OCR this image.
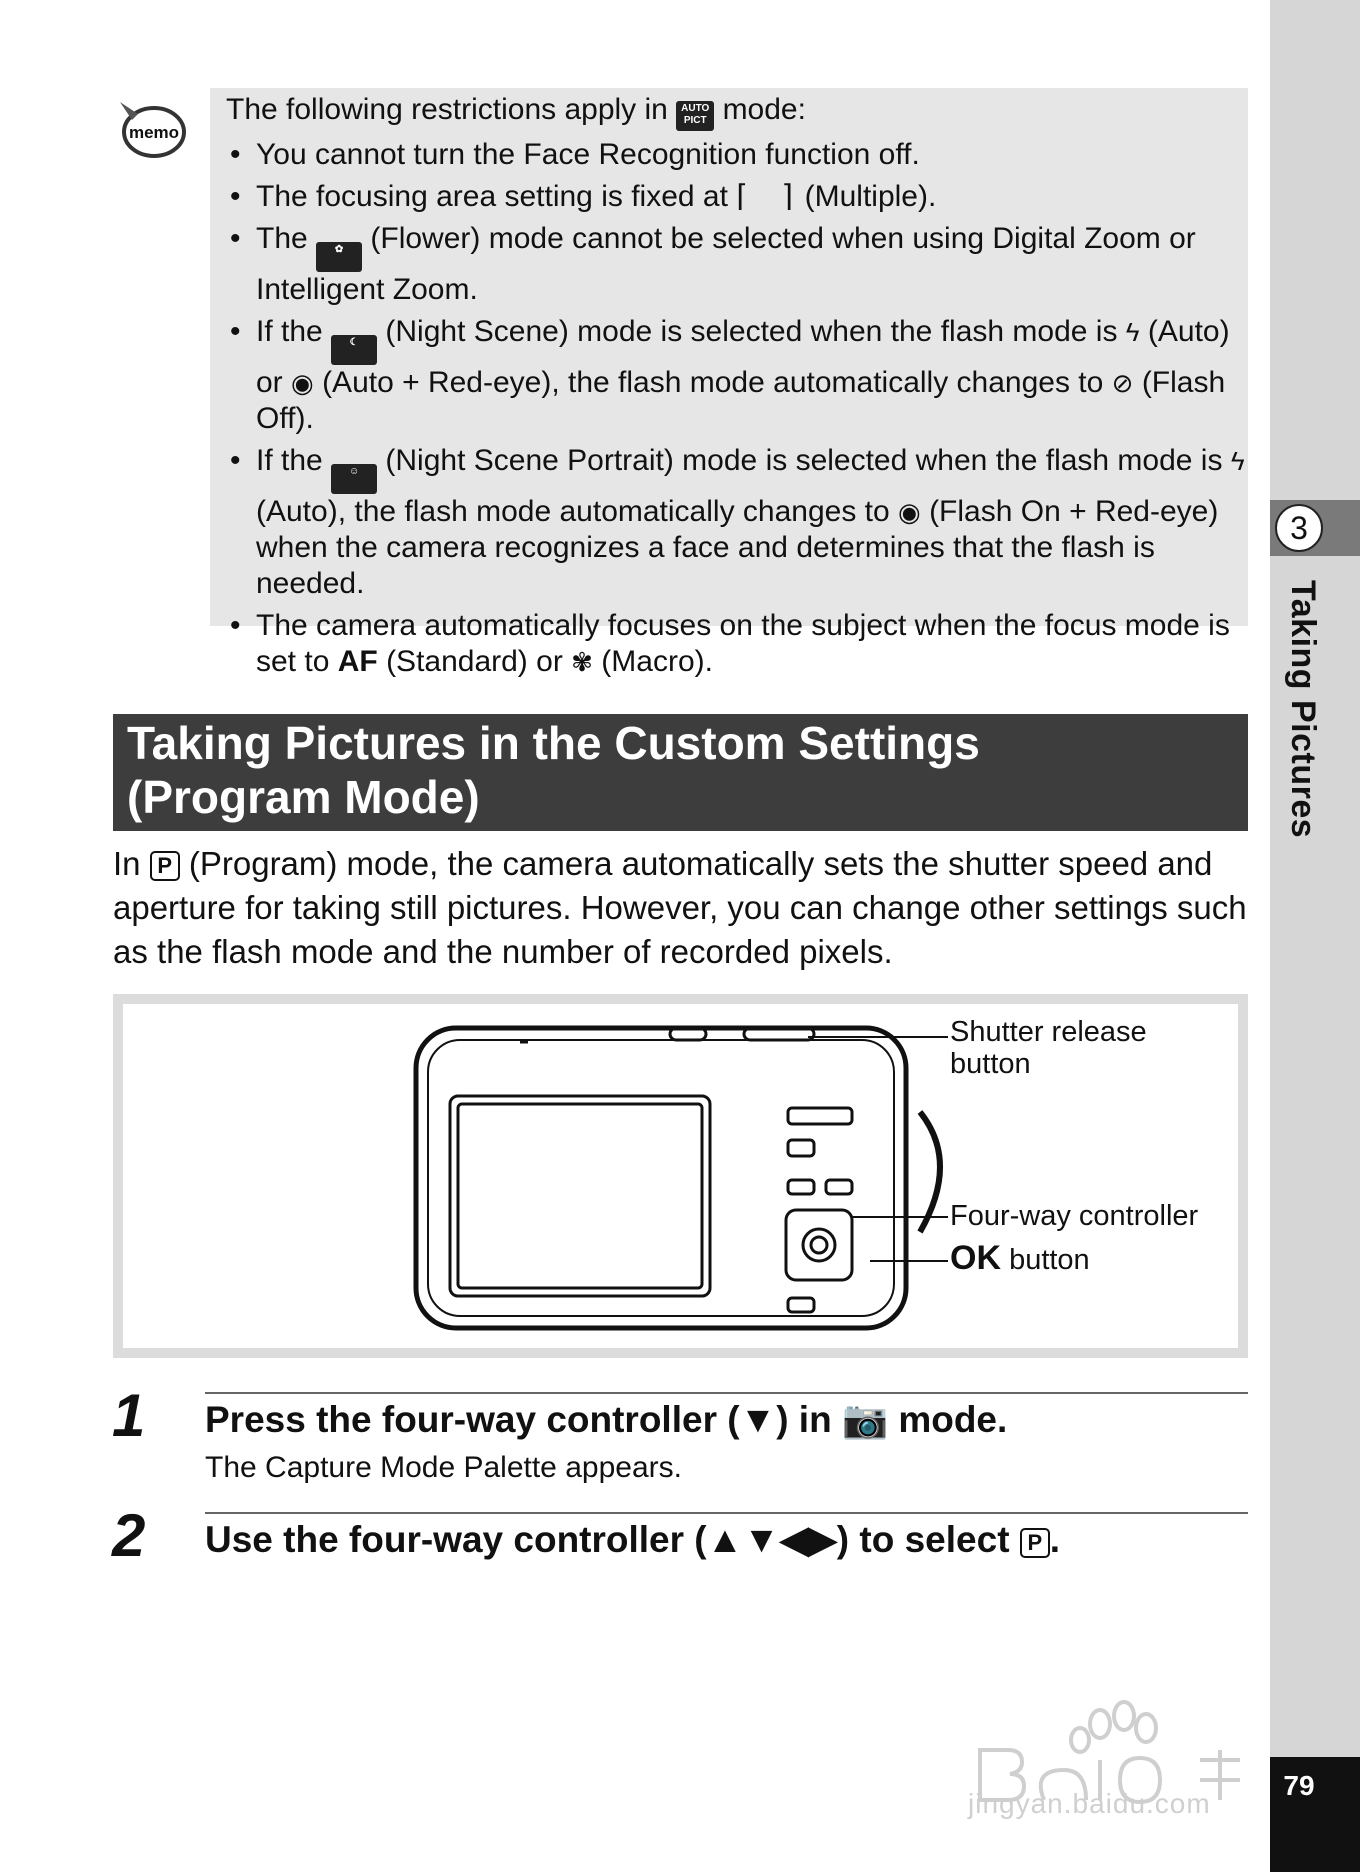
3
Taking Pictures
79
memo
The following restrictions apply in AUTO PICT mode:
• You cannot turn the Face Recognition function off.
• The focusing area setting is fixed at ⌈    ⌉ (Multiple).
• The	✿ (Flower) mode cannot be selected when using Digital Zoom or Intelligent Zoom.
• If the	☾ (Night Scene) mode is selected when the flash mode is ϟ (Auto) or ◉ (Auto + Red-eye), the flash mode automatically changes to ⊘ (Flash Off).
• If the	☺ (Night Scene Portrait) mode is selected when the flash mode is ϟ (Auto), the flash mode automatically changes to ◉ (Flash On + Red-eye) when the camera recognizes a face and determines that the flash is needed.
• The camera automatically focuses on the subject when the focus mode is set to AF (Standard) or ✾ (Macro).
Taking Pictures in the Custom Settings
(Program Mode)
In P (Program) mode, the camera automatically sets the shutter speed and aperture for taking still pictures. However, you can change other settings such as the flash mode and the number of recorded pixels.
Shutter release
button
Four-way controller
OK button
1 Press the four-way controller (▼) in 📷 mode.
The Capture Mode Palette appears.
2 Use the four-way controller (▲▼◀▶) to select P .
jingyan.baidu.com
